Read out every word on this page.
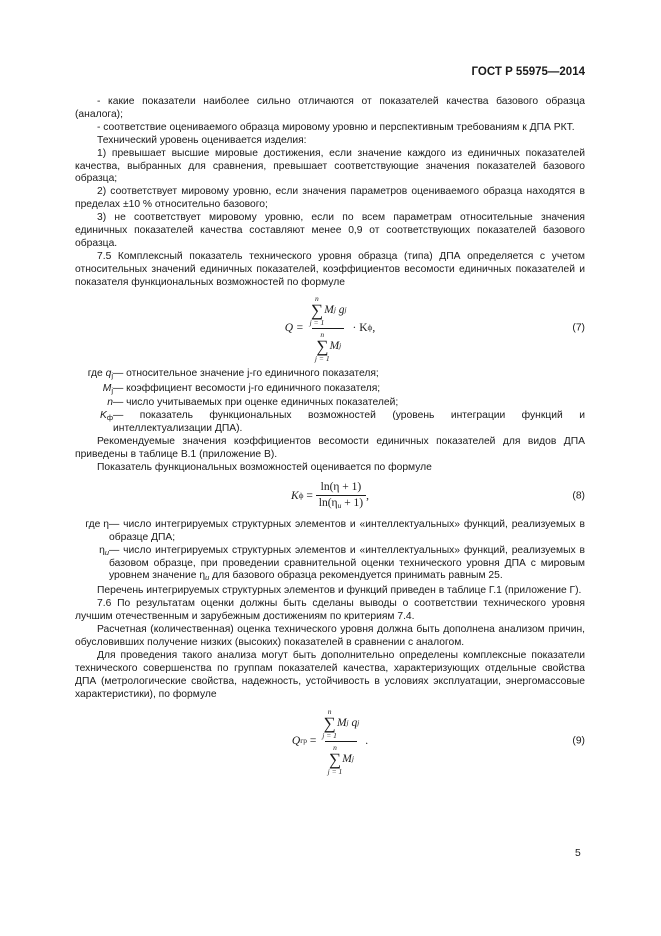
ГОСТ Р 55975—2014

- какие показатели наиболее сильно отличаются от показателей качества базового образца (аналога);

- соответствие оцениваемого образца мировому уровню и перспективным требованиям к ДПА РКТ.

Технический уровень оценивается изделия:

1) превышает высшие мировые достижения, если значение каждого из единичных показателей качества, выбранных для сравнения, превышает соответствующие значения показателей базового образца;

2) соответствует мировому уровню, если значения параметров оцениваемого образца находятся в пределах ±10 % относительно базового;

3) не соответствует мировому уровню, если по всем параметрам относительные значения единичных показателей качества составляют менее 0,9 от соответствующих показателей базового образца.

7.5 Комплексный показатель технического уровня образца (типа) ДПА определяется с учетом относительных значений единичных показателей, коэффициентов весомости единичных показателей и показателя функциональных возможностей по формуле

Q =
n
∑
j = 1
M j
g j
n
∑
j = 1
M j
· K ф ,	(7)
где $q_j$ — относительное значение j-го единичного показателя;
$M_j$ — коэффициент весомости j-го единичного показателя;
n — число учитываемых при оценке единичных показателей;
$K_ф$ — показатель функциональных возможностей (уровень интеграции функций и интеллектуализации ДПА).

Рекомендуемые значения коэффициентов весомости единичных показателей для видов ДПА приведены в таблице В.1 (приложение В).

Показатель функциональных возможностей оценивается по формуле

K ф
=
$\frac{\ln(\eta + 1)}{\ln(\eta_u + 1)}$ ,	(8)
где η — число интегрируемых структурных элементов и «интеллектуальных» функций, реализуемых в образце ДПА;
$\eta_u$ — число интегрируемых структурных элементов и «интеллектуальных» функций, реализуемых в базовом образце, при проведении сравнительной оценки технического уровня ДПА с мировым уровнем значение $\eta_u$ для базового образца рекомендуется принимать равным 25.

Перечень интегрируемых структурных элементов и функций приведен в таблице Г.1 (приложение Г).

7.6 По результатам оценки должны быть сделаны выводы о соответствии технического уровня лучшим отечественным и зарубежным достижениям по критериям 7.4.

Расчетная (количественная) оценка технического уровня должна быть дополнена анализом причин, обусловивших получение низких (высоких) показателей в сравнении с аналогом.

Для проведения такого анализа могут быть дополнительно определены комплексные показатели технического совершенства по группам показателей качества, характеризующих отдельные свойства ДПА (метрологические свойства, надежность, устойчивость в условиях эксплуатации, энергомассовые характеристики), по формуле

Q гр
=
n
∑
j = 1
M j
q j
n
∑
j = 1
M j
.	(9)
5
